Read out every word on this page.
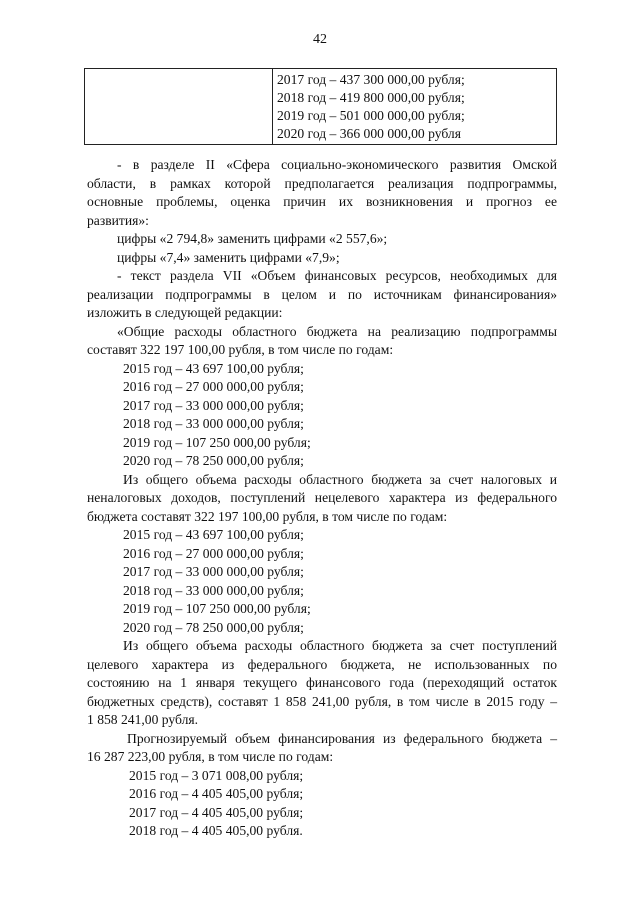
42

2017 год – 437 300 000,00 рубля;
2018 год – 419 800 000,00 рубля;
2019 год – 501 000 000,00 рубля;
2020 год – 366 000 000,00 рубля
- в разделе II «Сфера социально-экономического развития Омской
области, в рамках которой предполагается реализация подпрограммы,
основные проблемы, оценка причин их возникновения и прогноз ее
развития»:
цифры «2 794,8» заменить цифрами «2 557,6»;
цифры «7,4» заменить цифрами «7,9»;
- текст раздела VII «Объем финансовых ресурсов, необходимых для
реализации подпрограммы в целом и по источникам финансирования»
изложить в следующей редакции:
«Общие расходы областного бюджета на реализацию подпрограммы
составят 322 197 100,00 рубля, в том числе по годам:
2015 год – 43 697 100,00 рубля;
2016 год – 27 000 000,00 рубля;
2017 год – 33 000 000,00 рубля;
2018 год – 33 000 000,00 рубля;
2019 год – 107 250 000,00 рубля;
2020 год – 78 250 000,00 рубля;
Из общего объема расходы областного бюджета за счет налоговых и
неналоговых доходов, поступлений нецелевого характера из федерального
бюджета составят 322 197 100,00 рубля, в том числе по годам:
2015 год – 43 697 100,00 рубля;
2016 год – 27 000 000,00 рубля;
2017 год – 33 000 000,00 рубля;
2018 год – 33 000 000,00 рубля;
2019 год – 107 250 000,00 рубля;
2020 год – 78 250 000,00 рубля;
Из общего объема расходы областного бюджета за счет поступлений
целевого характера из федерального бюджета, не использованных по
состоянию на 1 января текущего финансового года (переходящий остаток
бюджетных средств), составят 1 858 241,00 рубля, в том числе в 2015 году –
1 858 241,00 рубля.
Прогнозируемый объем финансирования из федерального бюджета –
16 287 223,00 рубля, в том числе по годам:
2015 год – 3 071 008,00 рубля;
2016 год – 4 405 405,00 рубля;
2017 год – 4 405 405,00 рубля;
2018 год – 4 405 405,00 рубля.
